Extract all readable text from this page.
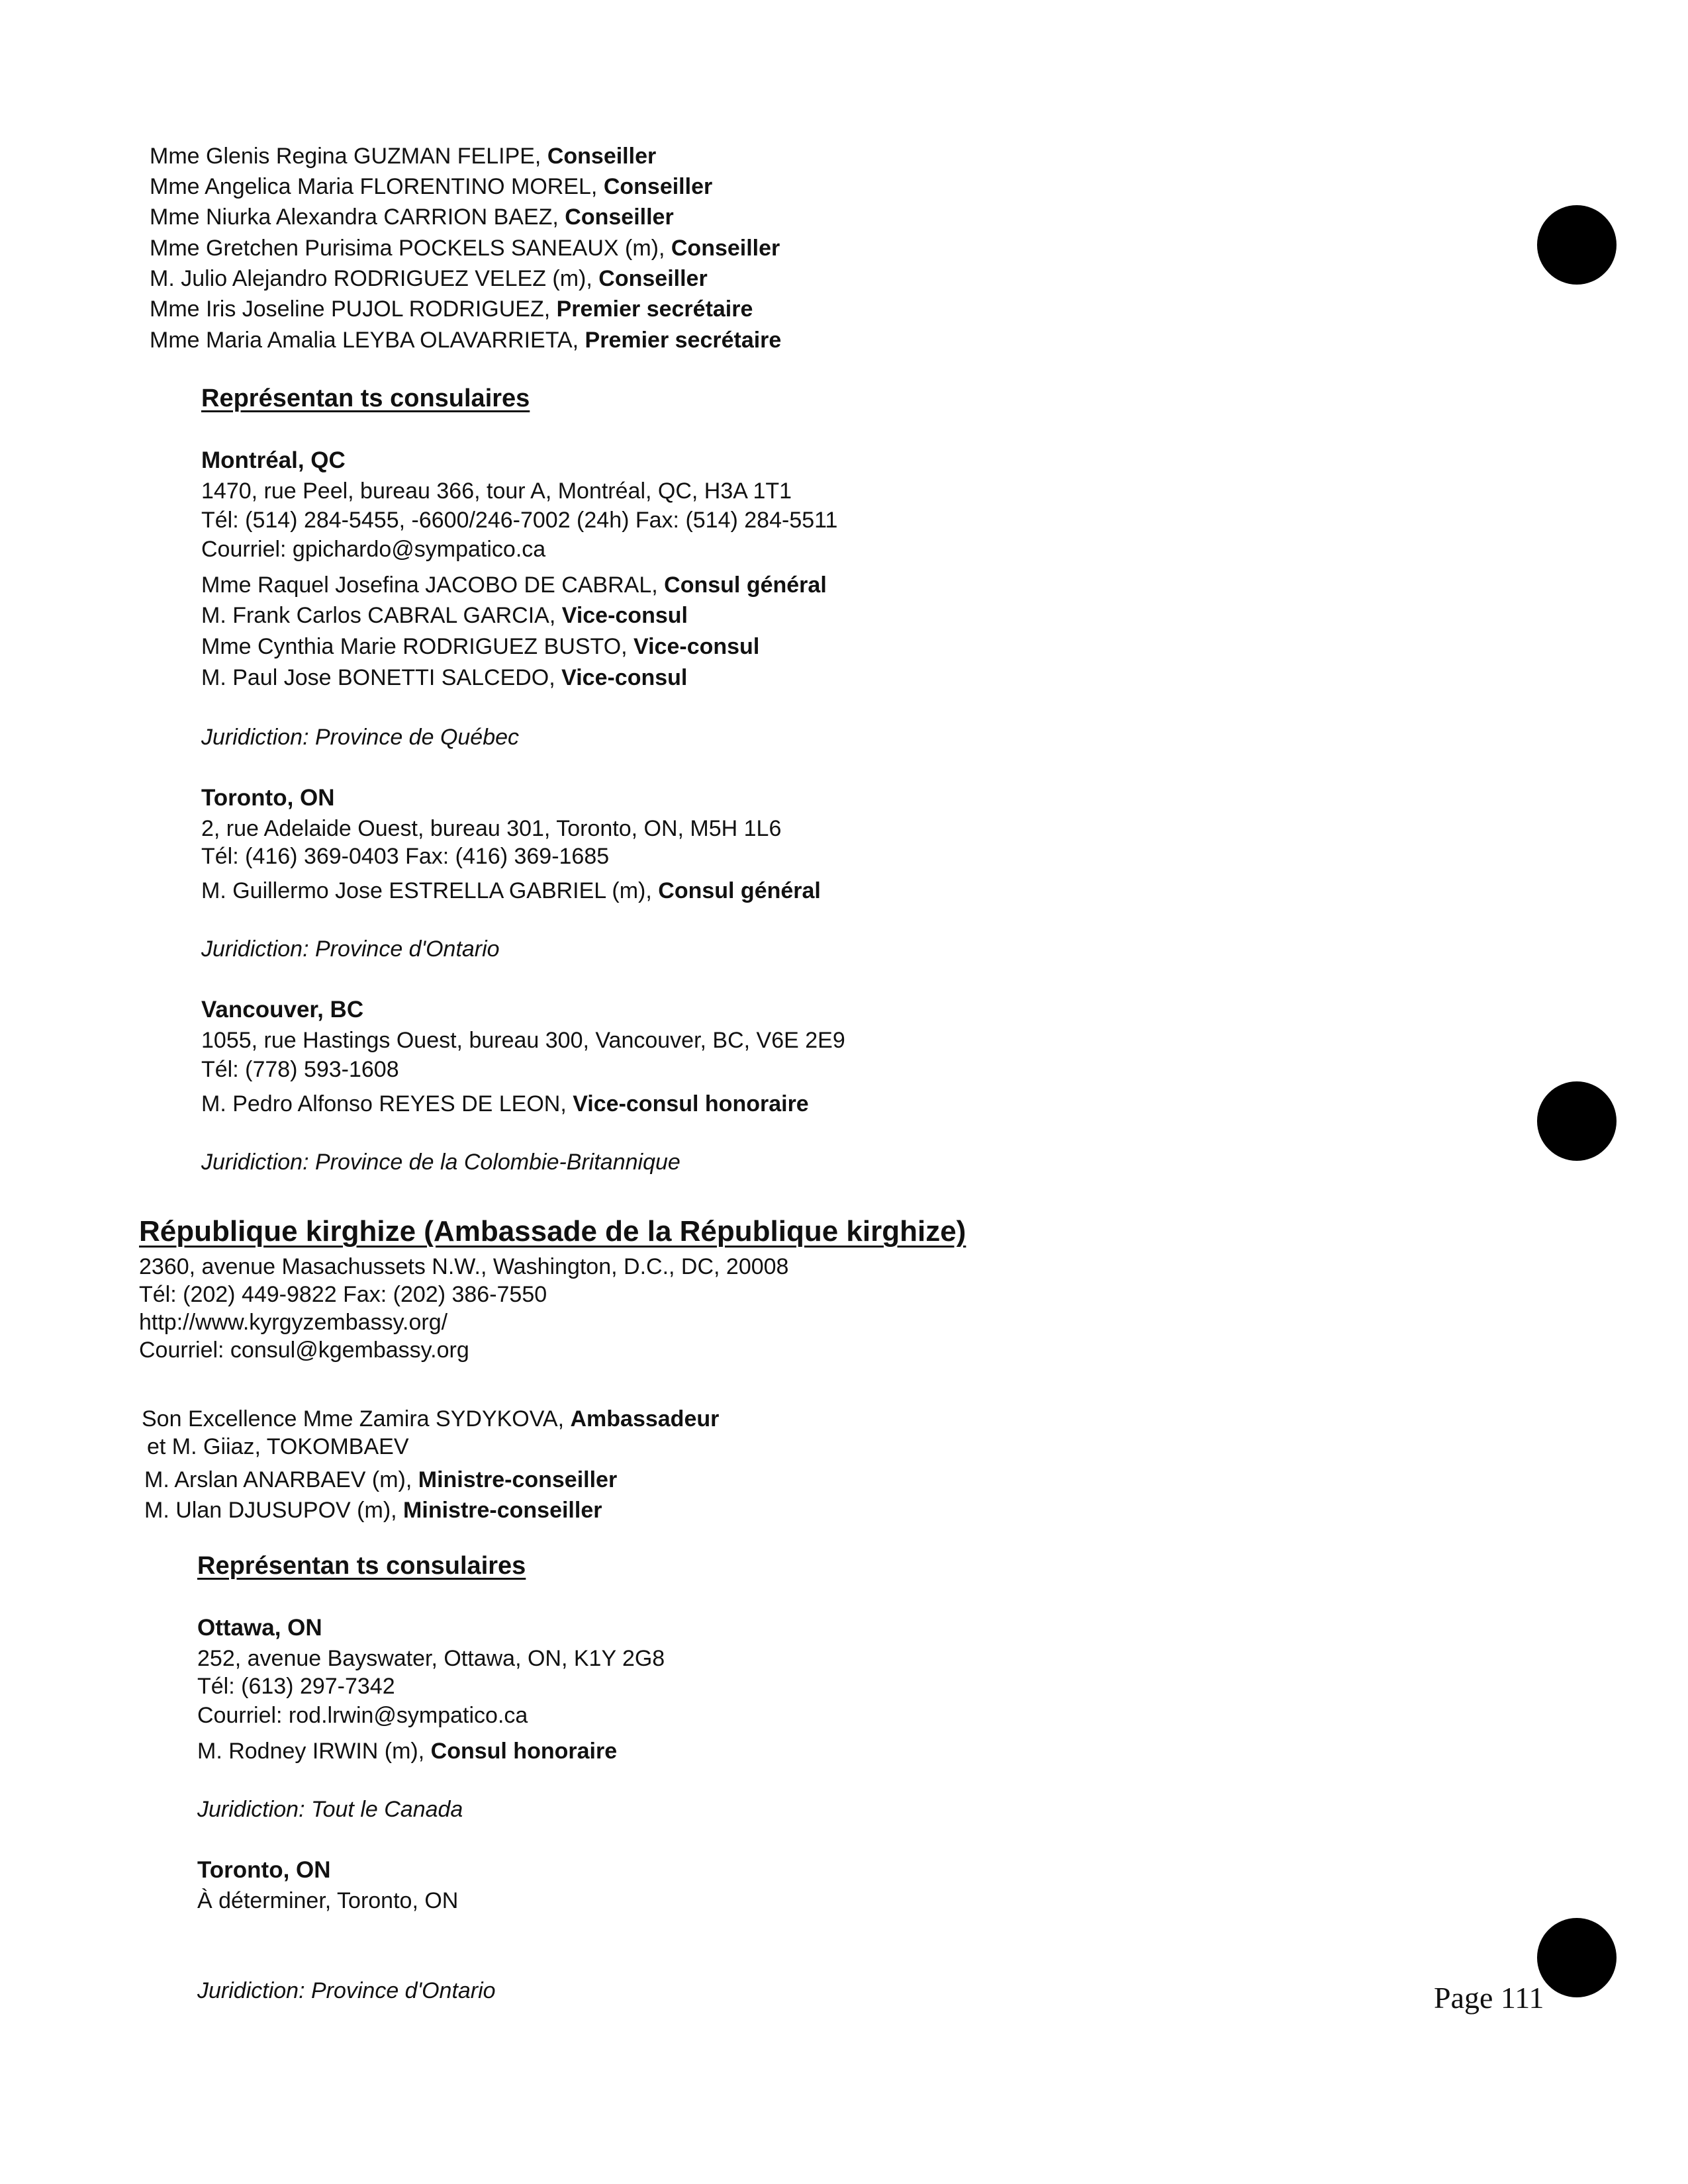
Mme Glenis Regina GUZMAN FELIPE, Conseiller
Mme Angelica Maria FLORENTINO MOREL, Conseiller
Mme Niurka Alexandra CARRION BAEZ, Conseiller
Mme Gretchen Purisima POCKELS SANEAUX (m), Conseiller
M. Julio Alejandro RODRIGUEZ VELEZ (m), Conseiller
Mme Iris Joseline PUJOL RODRIGUEZ, Premier secrétaire
Mme Maria Amalia LEYBA OLAVARRIETA, Premier secrétaire
Représentan ts consulaires
Montréal, QC
1470, rue Peel, bureau 366, tour A, Montréal, QC, H3A 1T1
Tél: (514) 284-5455, -6600/246-7002 (24h) Fax: (514) 284-5511
Courriel: gpichardo@sympatico.ca
Mme Raquel Josefina JACOBO DE CABRAL, Consul général
M. Frank Carlos CABRAL GARCIA, Vice-consul
Mme Cynthia Marie RODRIGUEZ BUSTO, Vice-consul
M. Paul Jose BONETTI SALCEDO, Vice-consul
Juridiction: Province de Québec
Toronto, ON
2, rue Adelaide Ouest, bureau 301, Toronto, ON, M5H 1L6
Tél: (416) 369-0403 Fax: (416) 369-1685
M. Guillermo Jose ESTRELLA GABRIEL (m), Consul général
Juridiction: Province d'Ontario
Vancouver, BC
1055, rue Hastings Ouest, bureau 300, Vancouver, BC, V6E 2E9
Tél: (778) 593-1608
M. Pedro Alfonso REYES DE LEON, Vice-consul honoraire
Juridiction: Province de la Colombie-Britannique
République kirghize (Ambassade de la République kirghize)
2360, avenue Masachussets N.W., Washington, D.C., DC, 20008
Tél: (202) 449-9822 Fax: (202) 386-7550
http://www.kyrgyzembassy.org/
Courriel: consul@kgembassy.org
Son Excellence Mme Zamira SYDYKOVA, Ambassadeur
et M. Giiaz, TOKOMBAEV
M. Arslan ANARBAEV (m), Ministre-conseiller
M. Ulan DJUSUPOV (m), Ministre-conseiller
Représentan ts consulaires
Ottawa, ON
252, avenue Bayswater, Ottawa, ON, K1Y 2G8
Tél: (613) 297-7342
Courriel: rod.lrwin@sympatico.ca
M. Rodney IRWIN (m), Consul honoraire
Juridiction: Tout le Canada
Toronto, ON
À déterminer, Toronto, ON
Juridiction: Province d'Ontario	Page 111
